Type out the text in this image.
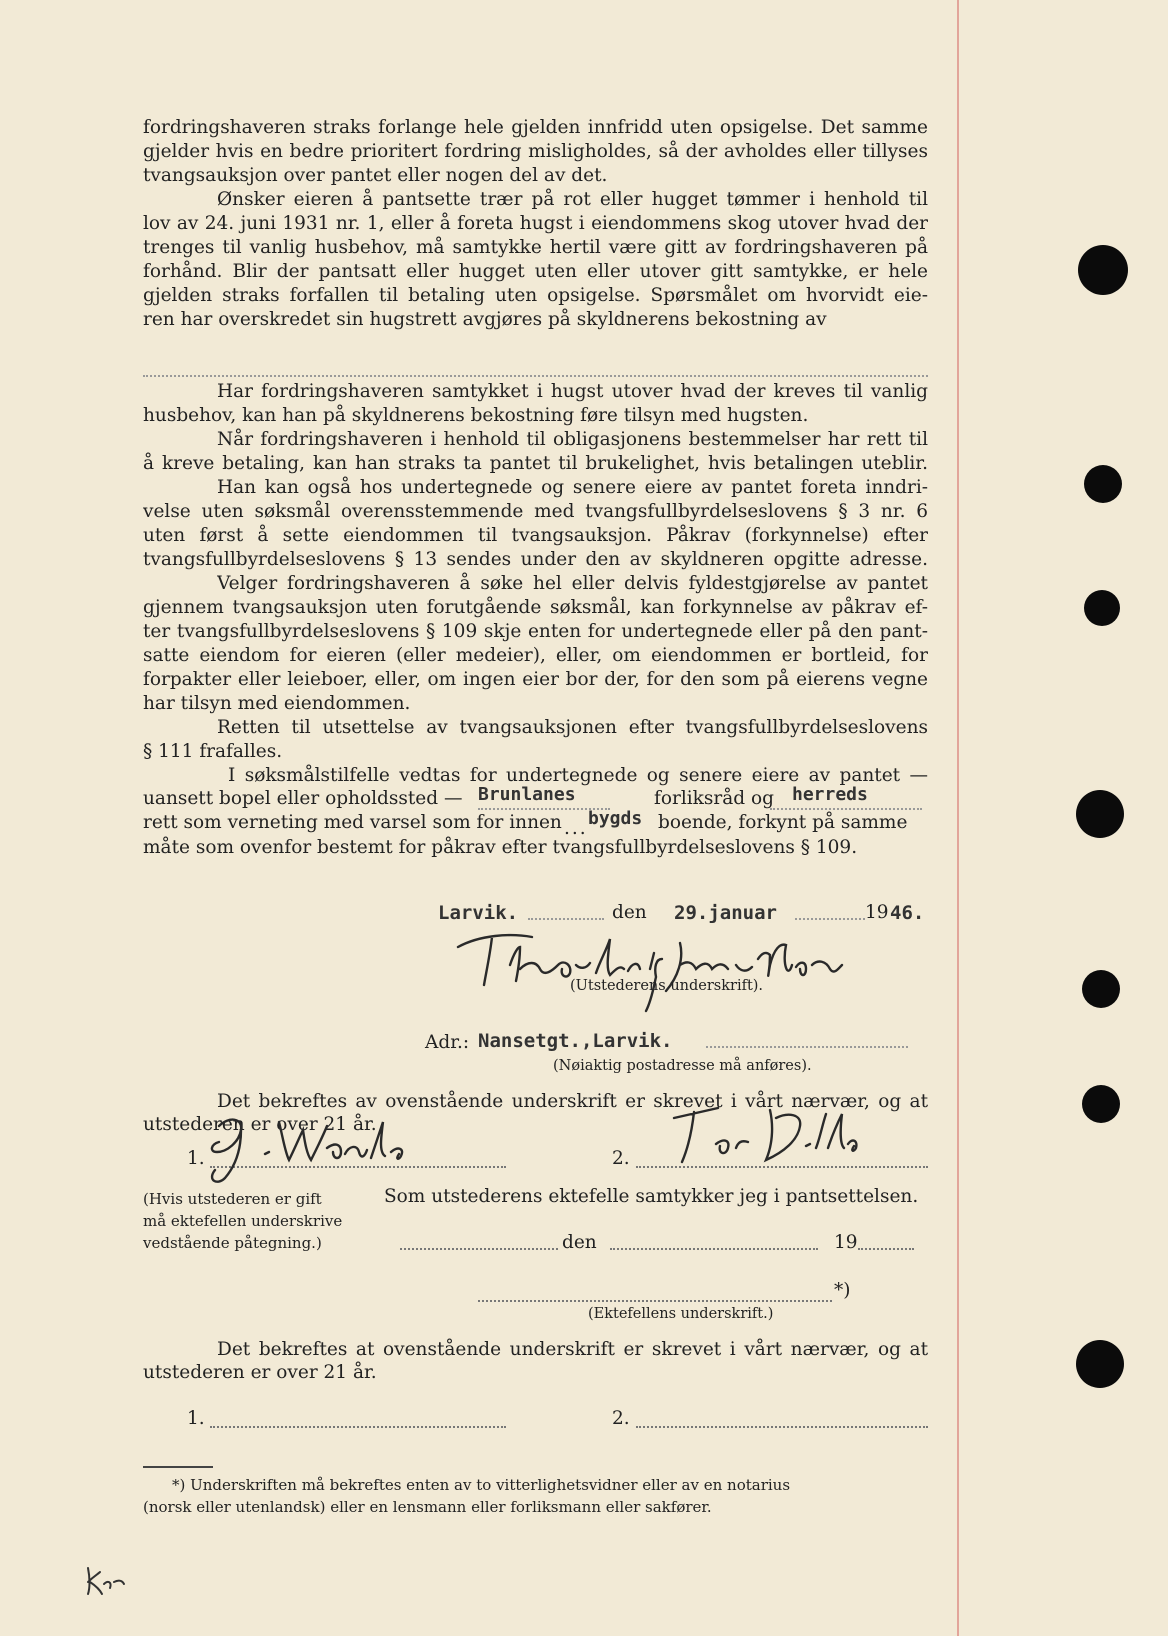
fordringshaveren straks forlange hele gjelden innfridd uten opsigelse. Det samme
gjelder hvis en bedre prioritert fordring misligholdes, så der avholdes eller tillyses
tvangsauksjon over pantet eller nogen del av det.
Ønsker eieren å pantsette trær på rot eller hugget tømmer i henhold til
lov av 24. juni 1931 nr. 1, eller å foreta hugst i eiendommens skog utover hvad der
trenges til vanlig husbehov, må samtykke hertil være gitt av fordringshaveren på
forhånd. Blir der pantsatt eller hugget uten eller utover gitt samtykke, er hele
gjelden straks forfallen til betaling uten opsigelse. Spørsmålet om hvorvidt eie-
ren har overskredet sin hugstrett avgjøres på skyldnerens bekostning av
Har fordringshaveren samtykket i hugst utover hvad der kreves til vanlig
husbehov, kan han på skyldnerens bekostning føre tilsyn med hugsten.
Når fordringshaveren i henhold til obligasjonens bestemmelser har rett til
å kreve betaling, kan han straks ta pantet til brukelighet, hvis betalingen uteblir.
Han kan også hos undertegnede og senere eiere av pantet foreta inndri-
velse uten søksmål overensstemmende med tvangsfullbyrdelseslovens § 3 nr. 6
uten først å sette eiendommen til tvangsauksjon. Påkrav (forkynnelse) efter
tvangsfullbyrdelseslovens § 13 sendes under den av skyldneren opgitte adresse.
Velger fordringshaveren å søke hel eller delvis fyldestgjørelse av pantet
gjennem tvangsauksjon uten forutgående søksmål, kan forkynnelse av påkrav ef-
ter tvangsfullbyrdelseslovens § 109 skje enten for undertegnede eller på den pant-
satte eiendom for eieren (eller medeier), eller, om eiendommen er bortleid, for
forpakter eller leieboer, eller, om ingen eier bor der, for den som på eierens vegne
har tilsyn med eiendommen.
Retten til utsettelse av tvangsauksjonen efter tvangsfullbyrdelseslovens
§ 111 frafalles.
I søksmålstilfelle vedtas for undertegnede og senere eiere av pantet —
uansett bopel eller opholdssted — Brunlanes	forliksråd og herreds
rett som verneting med varsel som for innen ... bygds boende, forkynt på samme
måte som ovenfor bestemt for påkrav efter tvangsfullbyrdelseslovens § 109.
Larvik.	den 29.januar	19 46.
(Utstederens underskrift).
Adr.: Nansetgt.,Larvik.
(Nøiaktig postadresse må anføres).
Det bekreftes av ovenstående underskrift er skrevet i vårt nærvær, og at
utstederen er over 21 år.
1.	2.
(Hvis utstederen er gift
må ektefellen underskrive
vedstående påtegning.)
Som utstederens ektefelle samtykker jeg i pantsettelsen.
den	19
*)
(Ektefellens underskrift.)
Det bekreftes at ovenstående underskrift er skrevet i vårt nærvær, og at
utstederen er over 21 år.
1.	2.
*) Underskriften må bekreftes enten av to vitterlighetsvidner eller av en notarius
(norsk eller utenlandsk) eller en lensmann eller forliksmann eller sakfører.
